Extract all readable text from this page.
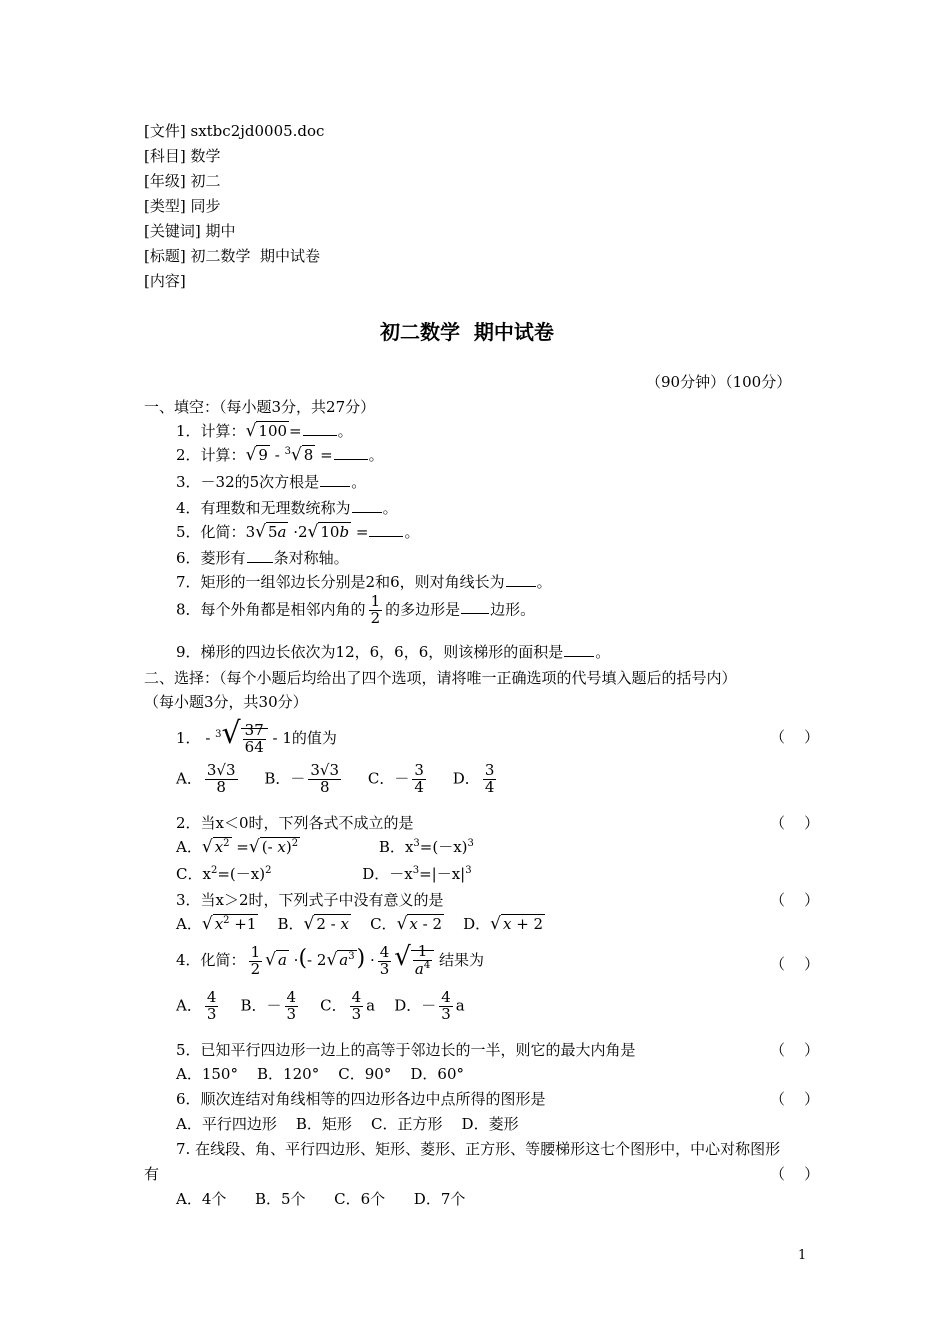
[文件] sxtbc2jd0005.doc
[科目] 数学
[年级] 初二
[类型] 同步
[关键词] 期中
[标题] 初二数学  期中试卷
[内容]
初二数学  期中试卷
（90分钟）（100分）
一、填空：（每小题3分，共27分）
1．计算：√ 100 = 。
2．计算：√ 9 - $^3$√ 8 = 。
3．－32的5次方根是 。
4．有理数和无理数统称为 。
5．化简：3√ 5a ·2√ 10b = 。
6．菱形有 条对称轴。
7．矩形的一组邻边长分别是2和6，则对角线长为 。
8．每个外角都是相邻内角的 $\frac{1}{2}$ 的多边形是 边形。
9．梯形的四边长依次为12，6，6，6，则该梯形的面积是 。
二、选择：（每个小题后均给出了四个选项，请将唯一正确选项的代号填入题后的括号内）
（每小题3分，共30分）
1． - $^3√ \frac{37}{64} - 1$的值为	（    ）
A． $\frac{3√3}{8}$ B．－ $\frac{3√3}{8}$ C．－ $\frac{3}{4}$ D． $\frac{3}{4}$
2．当x＜0时，下列各式不成立的是	（    ）
A．√ $x^2$ =√ (- x)$^2$	B．$x^3=(-x)^3$
C．$x^2=(-x)^2$	D．$-x^3=|-x|^3$
3．当x＞2时，下列式子中没有意义的是	（    ）
A．√ $x^2 +1$ B．√ 2 - x C．√ x - 2 D．√ x + 2
4．化简： $\frac{1}{2}$ √ a ·(- 2√ $a^3) \cdot \frac{4}{3}$ √ $\frac{1}{a^4}$ 结果为	（    ）
A． $\frac{4}{3}$ B．－ $\frac{4}{3}$ C． $\frac{4}{3}$ a    D．－ $\frac{4}{3}$ a
5．已知平行四边形一边上的高等于邻边长的一半，则它的最大内角是	（    ）
A．150°    B．120°    C．90°    D．60°
6．顺次连结对角线相等的四边形各边中点所得的图形是	（    ）
A．平行四边形    B．矩形    C．正方形    D．菱形
7. 在线段、角、平行四边形、矩形、菱形、正方形、等腰梯形这七个图形中，中心对称图形
有	（    ）
A．4个      B．5个      C．6个      D．7个
1
